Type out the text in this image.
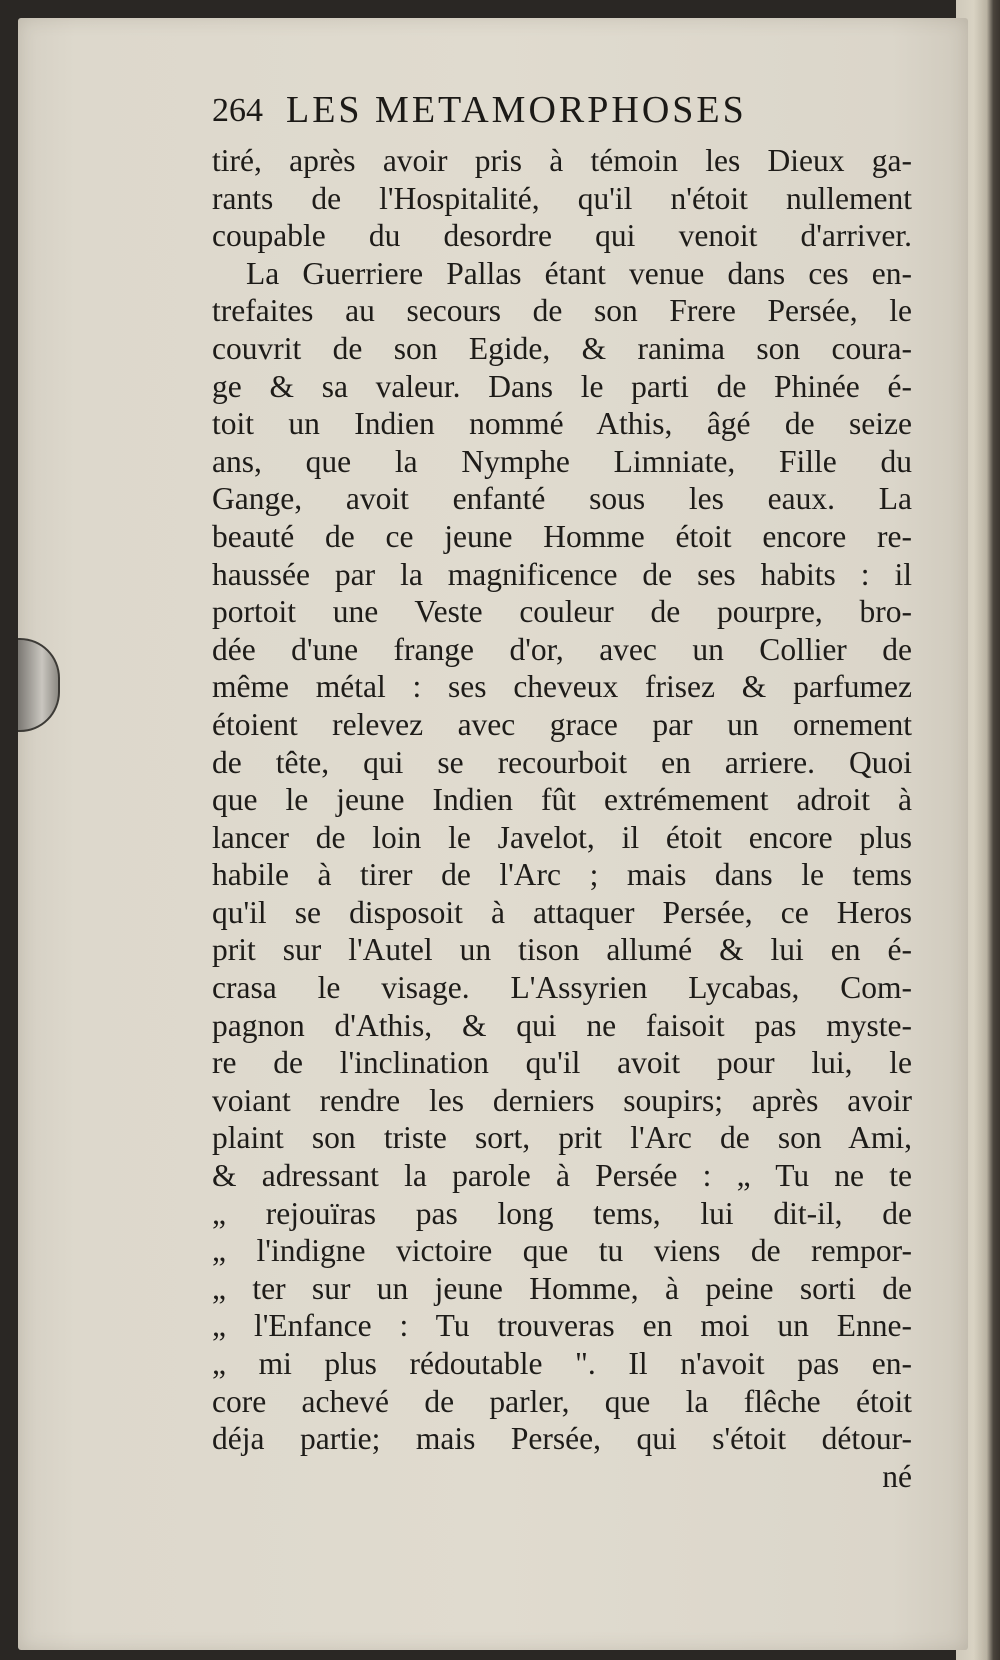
264 LES METAMORPHOSES
tiré, après avoir pris à témoin les Dieux ga-
rants de l'Hospitalité, qu'il n'étoit nullement
coupable du desordre qui venoit d'arriver.
La Guerriere Pallas étant venue dans ces en-
trefaites au secours de son Frere Persée, le
couvrit de son Egide, & ranima son coura-
ge & sa valeur. Dans le parti de Phinée é-
toit un Indien nommé Athis, âgé de seize
ans, que la Nymphe Limniate, Fille du
Gange, avoit enfanté sous les eaux. La
beauté de ce jeune Homme étoit encore re-
haussée par la magnificence de ses habits : il
portoit une Veste couleur de pourpre, bro-
dée d'une frange d'or, avec un Collier de
même métal : ses cheveux frisez & parfumez
étoient relevez avec grace par un ornement
de tête, qui se recourboit en arriere. Quoi
que le jeune Indien fût extrémement adroit à
lancer de loin le Javelot, il étoit encore plus
habile à tirer de l'Arc ; mais dans le tems
qu'il se disposoit à attaquer Persée, ce Heros
prit sur l'Autel un tison allumé & lui en é-
crasa le visage. L'Assyrien Lycabas, Com-
pagnon d'Athis, & qui ne faisoit pas myste-
re de l'inclination qu'il avoit pour lui, le
voiant rendre les derniers soupirs; après avoir
plaint son triste sort, prit l'Arc de son Ami,
& adressant la parole à Persée : „ Tu ne te
„ rejouïras pas long tems, lui dit-il, de
„ l'indigne victoire que tu viens de rempor-
„ ter sur un jeune Homme, à peine sorti de
„ l'Enfance : Tu trouveras en moi un Enne-
„ mi plus rédoutable ". Il n'avoit pas en-
core achevé de parler, que la flêche étoit
déja partie; mais Persée, qui s'étoit détour-
né
